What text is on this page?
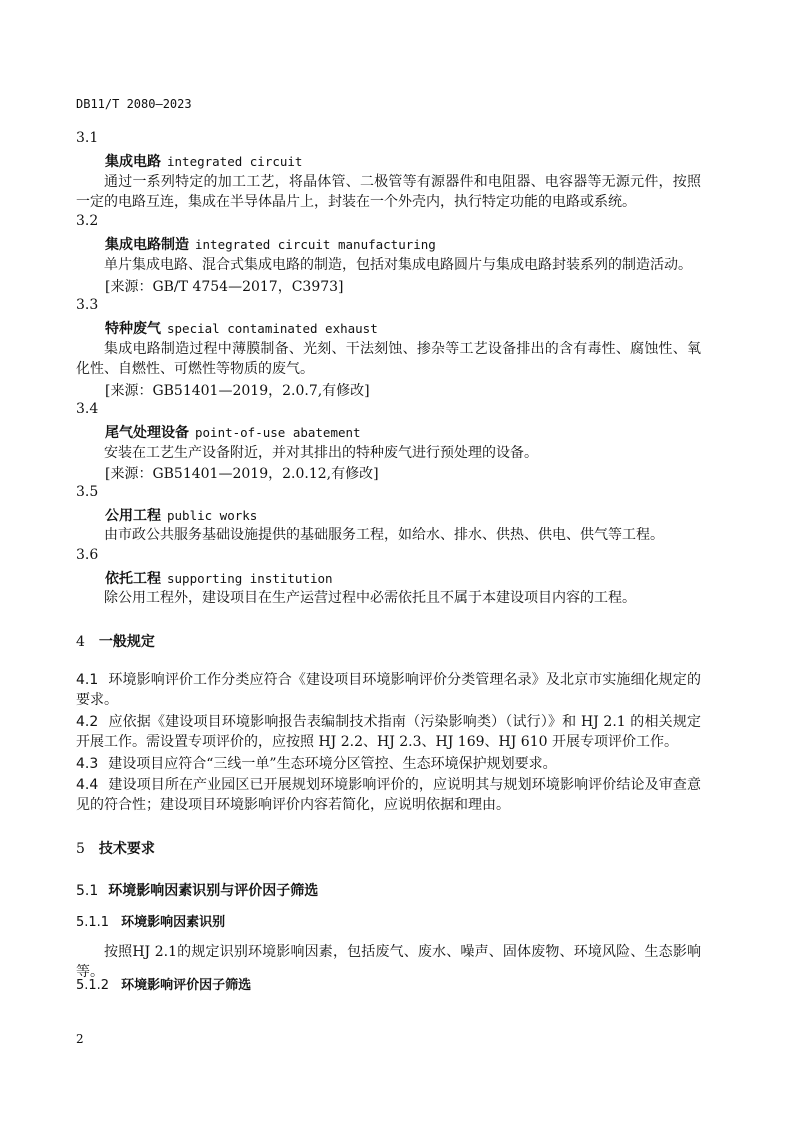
DB11/T 2080—2023
3.1
集成电路 integrated circuit
通过一系列特定的加工工艺，将晶体管、二极管等有源器件和电阻器、电容器等无源元件，按照一定的电路互连，集成在半导体晶片上，封装在一个外壳内，执行特定功能的电路或系统。
3.2
集成电路制造 integrated circuit manufacturing
单片集成电路、混合式集成电路的制造，包括对集成电路圆片与集成电路封装系列的制造活动。
[来源：GB/T 4754—2017，C3973]
3.3
特种废气 special contaminated exhaust
集成电路制造过程中薄膜制备、光刻、干法刻蚀、掺杂等工艺设备排出的含有毒性、腐蚀性、氧化性、自燃性、可燃性等物质的废气。
[来源：GB51401—2019，2.0.7,有修改]
3.4
尾气处理设备 point-of-use abatement
安装在工艺生产设备附近，并对其排出的特种废气进行预处理的设备。
[来源：GB51401—2019，2.0.12,有修改]
3.5
公用工程 public works
由市政公共服务基础设施提供的基础服务工程，如给水、排水、供热、供电、供气等工程。
3.6
依托工程 supporting institution
除公用工程外，建设项目在生产运营过程中必需依托且不属于本建设项目内容的工程。
4 一般规定
4.1 环境影响评价工作分类应符合《建设项目环境影响评价分类管理名录》及北京市实施细化规定的要求。
4.2 应依据《建设项目环境影响报告表编制技术指南（污染影响类）（试行）》和 HJ 2.1 的相关规定开展工作。需设置专项评价的，应按照 HJ 2.2、HJ 2.3、HJ 169、HJ 610 开展专项评价工作。
4.3 建设项目应符合“三线一单”生态环境分区管控、生态环境保护规划要求。
4.4 建设项目所在产业园区已开展规划环境影响评价的，应说明其与规划环境影响评价结论及审查意见的符合性；建设项目环境影响评价内容若简化，应说明依据和理由。
5 技术要求
5.1 环境影响因素识别与评价因子筛选
5.1.1 环境影响因素识别
按照HJ 2.1的规定识别环境影响因素，包括废气、废水、噪声、固体废物、环境风险、生态影响等。
5.1.2 环境影响评价因子筛选
2
